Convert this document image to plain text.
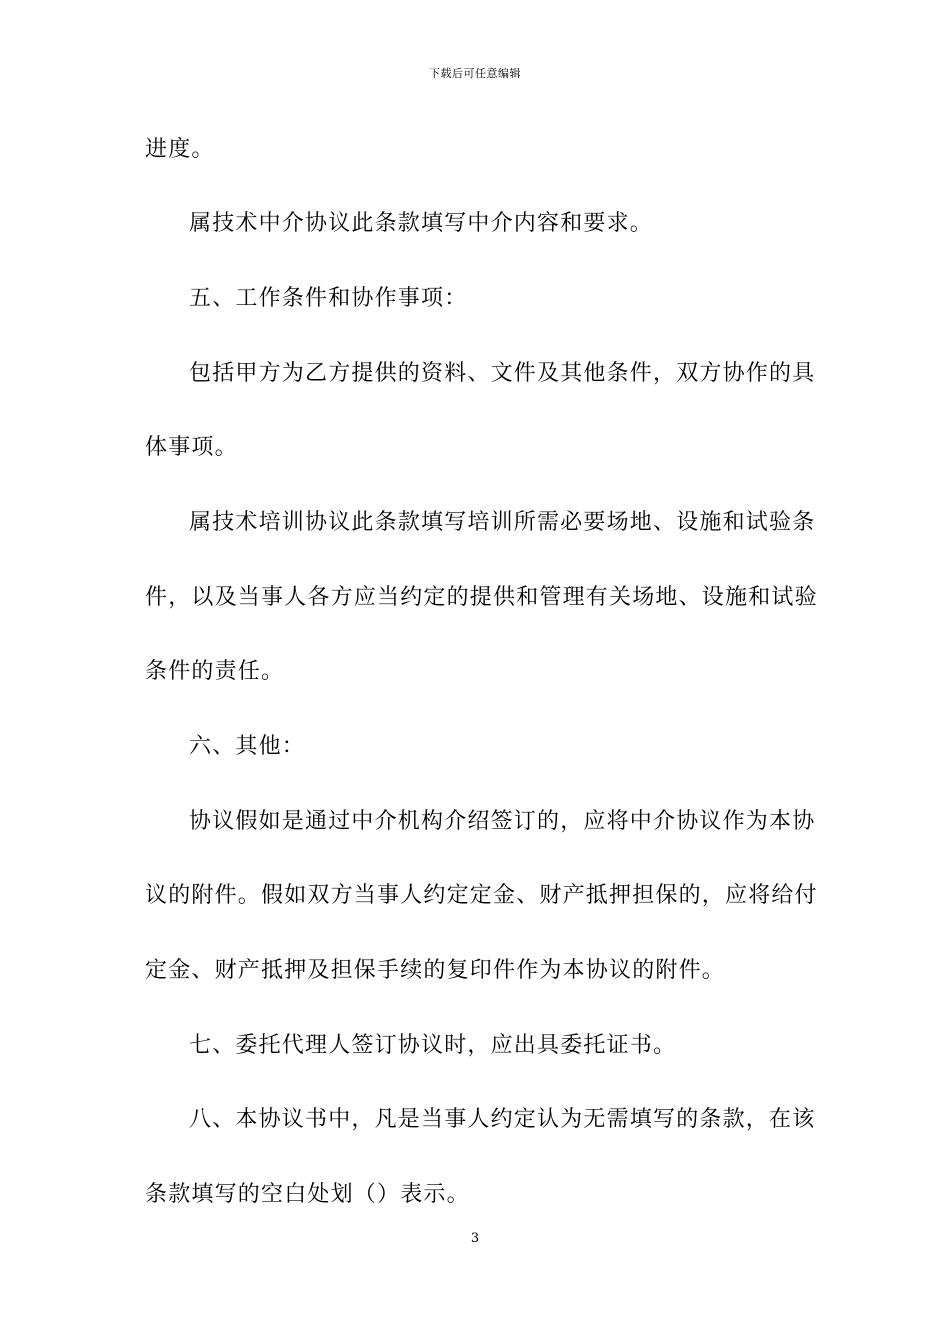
下载后可任意编辑
进度。
属技术中介协议此条款填写中介内容和要求。
五、工作条件和协作事项：
包括甲方为乙方提供的资料、文件及其他条件，双方协作的具
体事项。
属技术培训协议此条款填写培训所需必要场地、设施和试验条
件，以及当事人各方应当约定的提供和管理有关场地、设施和试验
条件的责任。
六、其他：
协议假如是通过中介机构介绍签订的，应将中介协议作为本协
议的附件。假如双方当事人约定定金、财产抵押担保的，应将给付
定金、财产抵押及担保手续的复印件作为本协议的附件。
七、委托代理人签订协议时，应出具委托证书。
八、本协议书中，凡是当事人约定认为无需填写的条款，在该
条款填写的空白处划（）表示。
3
